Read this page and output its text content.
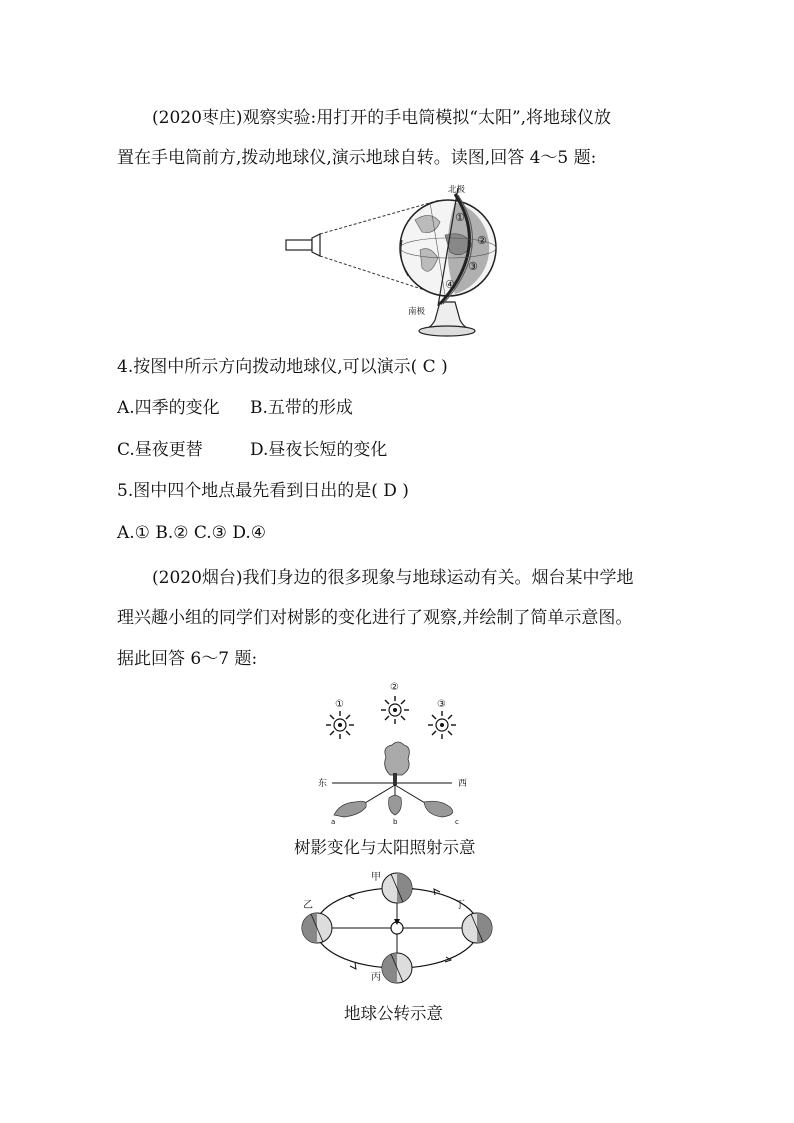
(2020枣庄)观察实验:用打开的手电筒模拟“太阳”,将地球仪放
置在手电筒前方,拨动地球仪,演示地球自转。读图,回答 4～5 题:
北极
南极
①
②
③
④
4.按图中所示方向拨动地球仪,可以演示( C )
A.四季的变化 B.五带的形成
C.昼夜更替	D.昼夜长短的变化
5.图中四个地点最先看到日出的是( D )
A.① B.② C.③ D.④
(2020烟台)我们身边的很多现象与地球运动有关。烟台某中学地
理兴趣小组的同学们对树影的变化进行了观察,并绘制了简单示意图。
据此回答 6～7 题:
①
②
③
东	西
a	b	c
树影变化与太阳照射示意
甲
乙
丙
丁
地球公转示意
